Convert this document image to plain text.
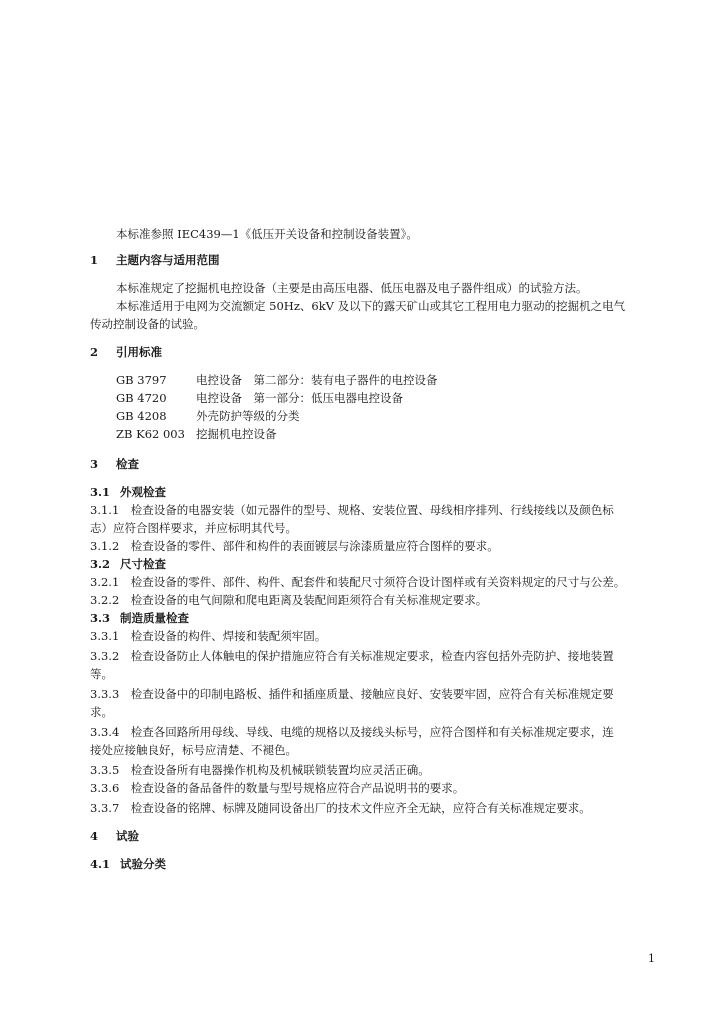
本标准参照 IEC439—1《低压开关设备和控制设备装置》。
1 主题内容与适用范围
本标准规定了挖掘机电控设备（主要是由高压电器、低压电器及电子器件组成）的试验方法。
本标准适用于电网为交流额定 50Hz、6kV 及以下的露天矿山或其它工程用电力驱动的挖掘机之电气
传动控制设备的试验。
2 引用标准
GB 3797	电控设备　第二部分：装有电子器件的电控设备
GB 4720	电控设备　第一部分：低压电器电控设备
GB 4208	外壳防护等级的分类
ZB K62 003 挖掘机电控设备
3 检查
3.1 外观检查
3.1.1　检查设备的电器安装（如元器件的型号、规格、安装位置、母线相序排列、行线接线以及颜色标
志）应符合图样要求，并应标明其代号。
3.1.2　检查设备的零件、部件和构件的表面镀层与涂漆质量应符合图样的要求。
3.2 尺寸检查
3.2.1　检查设备的零件、部件、构件、配套件和装配尺寸须符合设计图样或有关资料规定的尺寸与公差。
3.2.2　检查设备的电气间隙和爬电距离及装配间距须符合有关标准规定要求。
3.3 制造质量检查
3.3.1　检查设备的构件、焊接和装配须牢固。
3.3.2　检查设备防止人体触电的保护措施应符合有关标准规定要求，检查内容包括外壳防护、接地装置
等。
3.3.3　检查设备中的印制电路板、插件和插座质量、接触应良好、安装要牢固，应符合有关标准规定要
求。
3.3.4　检查各回路所用母线、导线、电缆的规格以及接线头标号，应符合图样和有关标准规定要求，连
接处应接触良好，标号应清楚、不褪色。
3.3.5　检查设备所有电器操作机构及机械联锁装置均应灵活正确。
3.3.6　检查设备的备品备件的数量与型号规格应符合产品说明书的要求。
3.3.7　检查设备的铭牌、标牌及随同设备出厂的技术文件应齐全无缺，应符合有关标准规定要求。
4 试验
4.1 试验分类
1
